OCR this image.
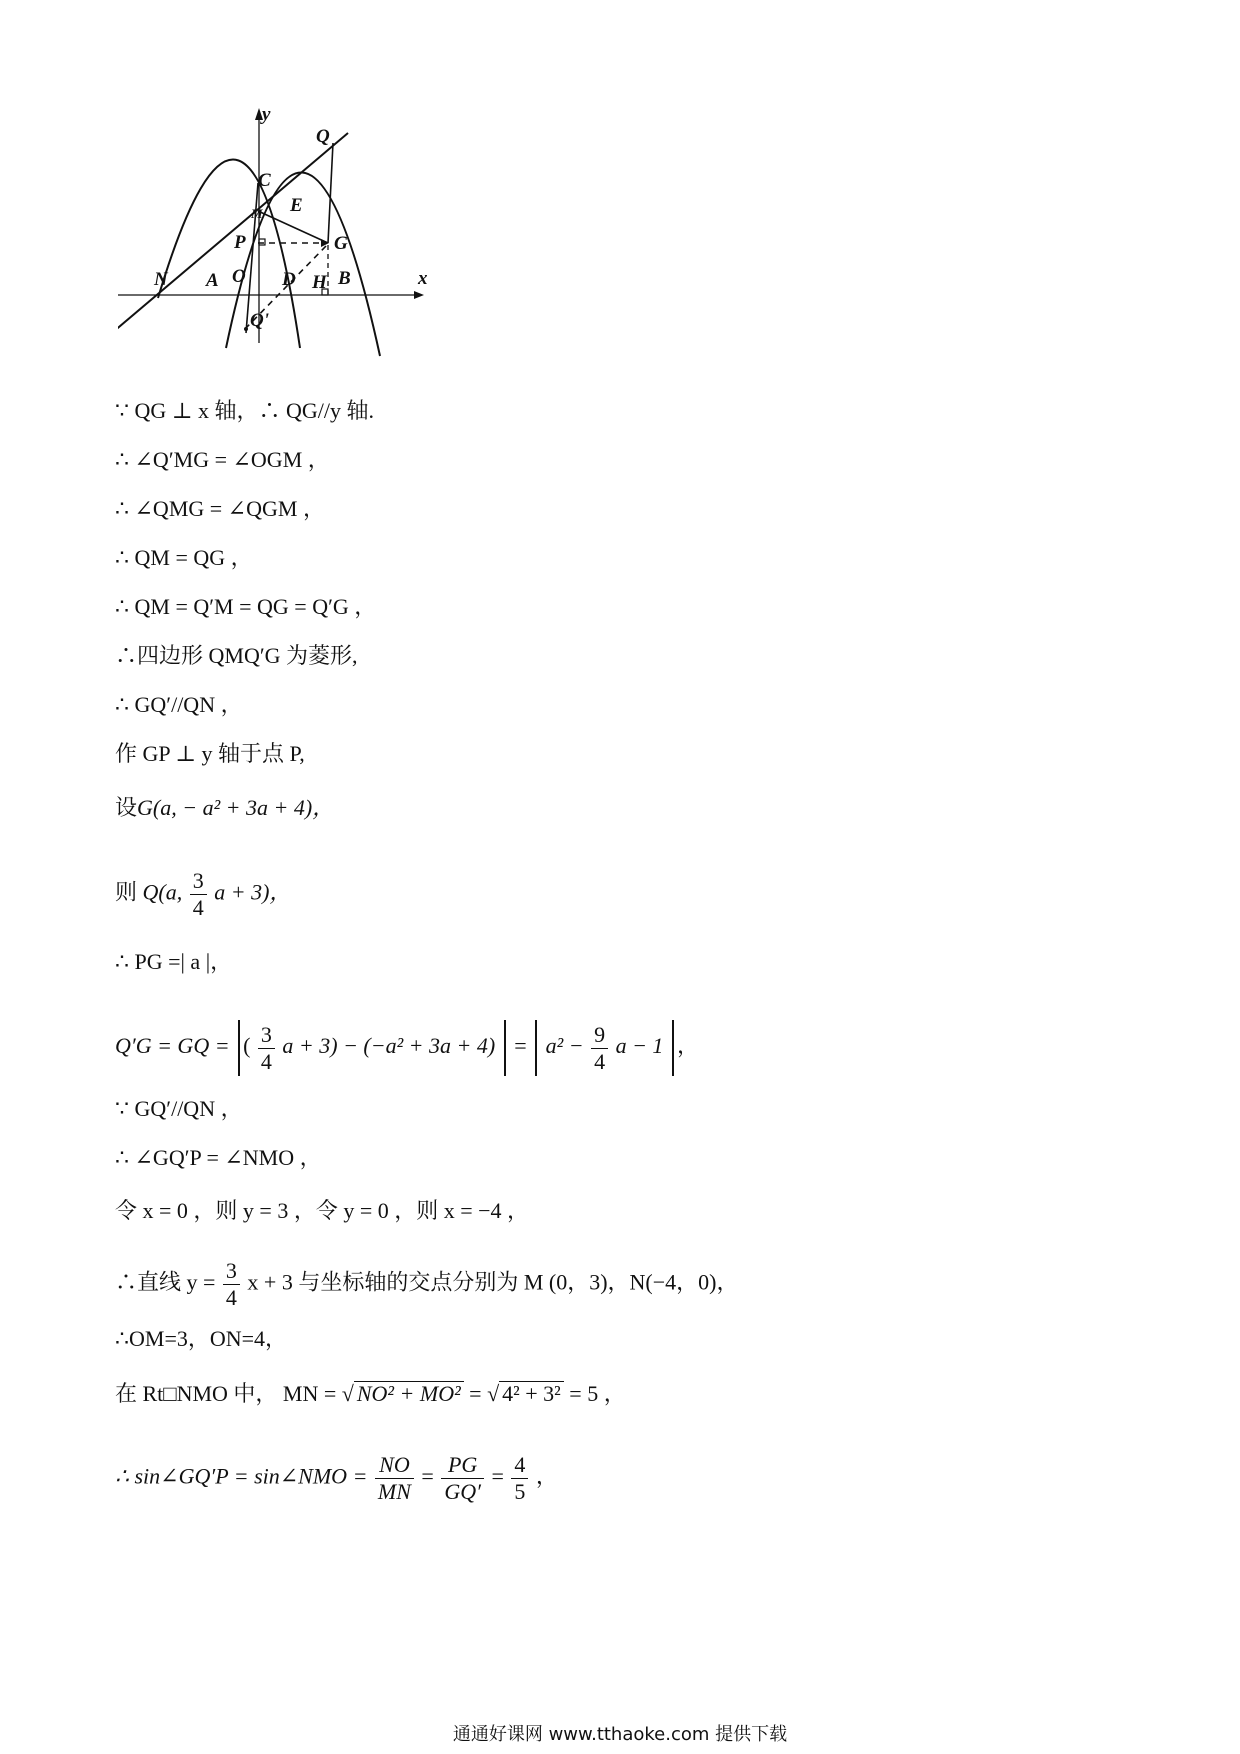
y
x
Q
C
E
M
P	G
N A O D H B
Q'
∵ QG ⊥ x 轴，∴ QG//y 轴.
∴ ∠Q′MG = ∠OGM ，
∴ ∠QMG = ∠QGM ，
∴ QM = QG ，
∴ QM = Q′M = QG = Q′G ，
∴四边形 QMQ′G 为菱形,
∴ GQ′//QN ，
作 GP ⊥ y 轴于点 P,
设G(a, − a² + 3a + 4)，
则 Q(a, $\frac{3}{4}$ a + 3)，
∴ PG =| a |，
Q′G = GQ = ( $\frac{3}{4}$ $a + 3) - (-a^2 + 3a + 4) = a^2 - \frac{9}{4}$ a − 1 ，
∵ GQ′//QN ，
∴ ∠GQ′P = ∠NMO ，
令 x = 0 ，则 y = 3 ，令 y = 0 ，则 x = −4 ，
∴直线 $y = \frac{3}{4}$ x + 3 与坐标轴的交点分别为 M (0，3)，N(−4，0)，
∴OM=3，ON=4，
在 Rt□NMO 中， MN = √ NO² + MO² = √ 4² + 3² = 5 ，
∴ sin∠GQ′P = sin∠NMO = $\frac{NO}{MN} = \frac{PG}{GQ'} = \frac{4}{5}$ ，
通通好课网 www.tthaoke.com 提供下载
